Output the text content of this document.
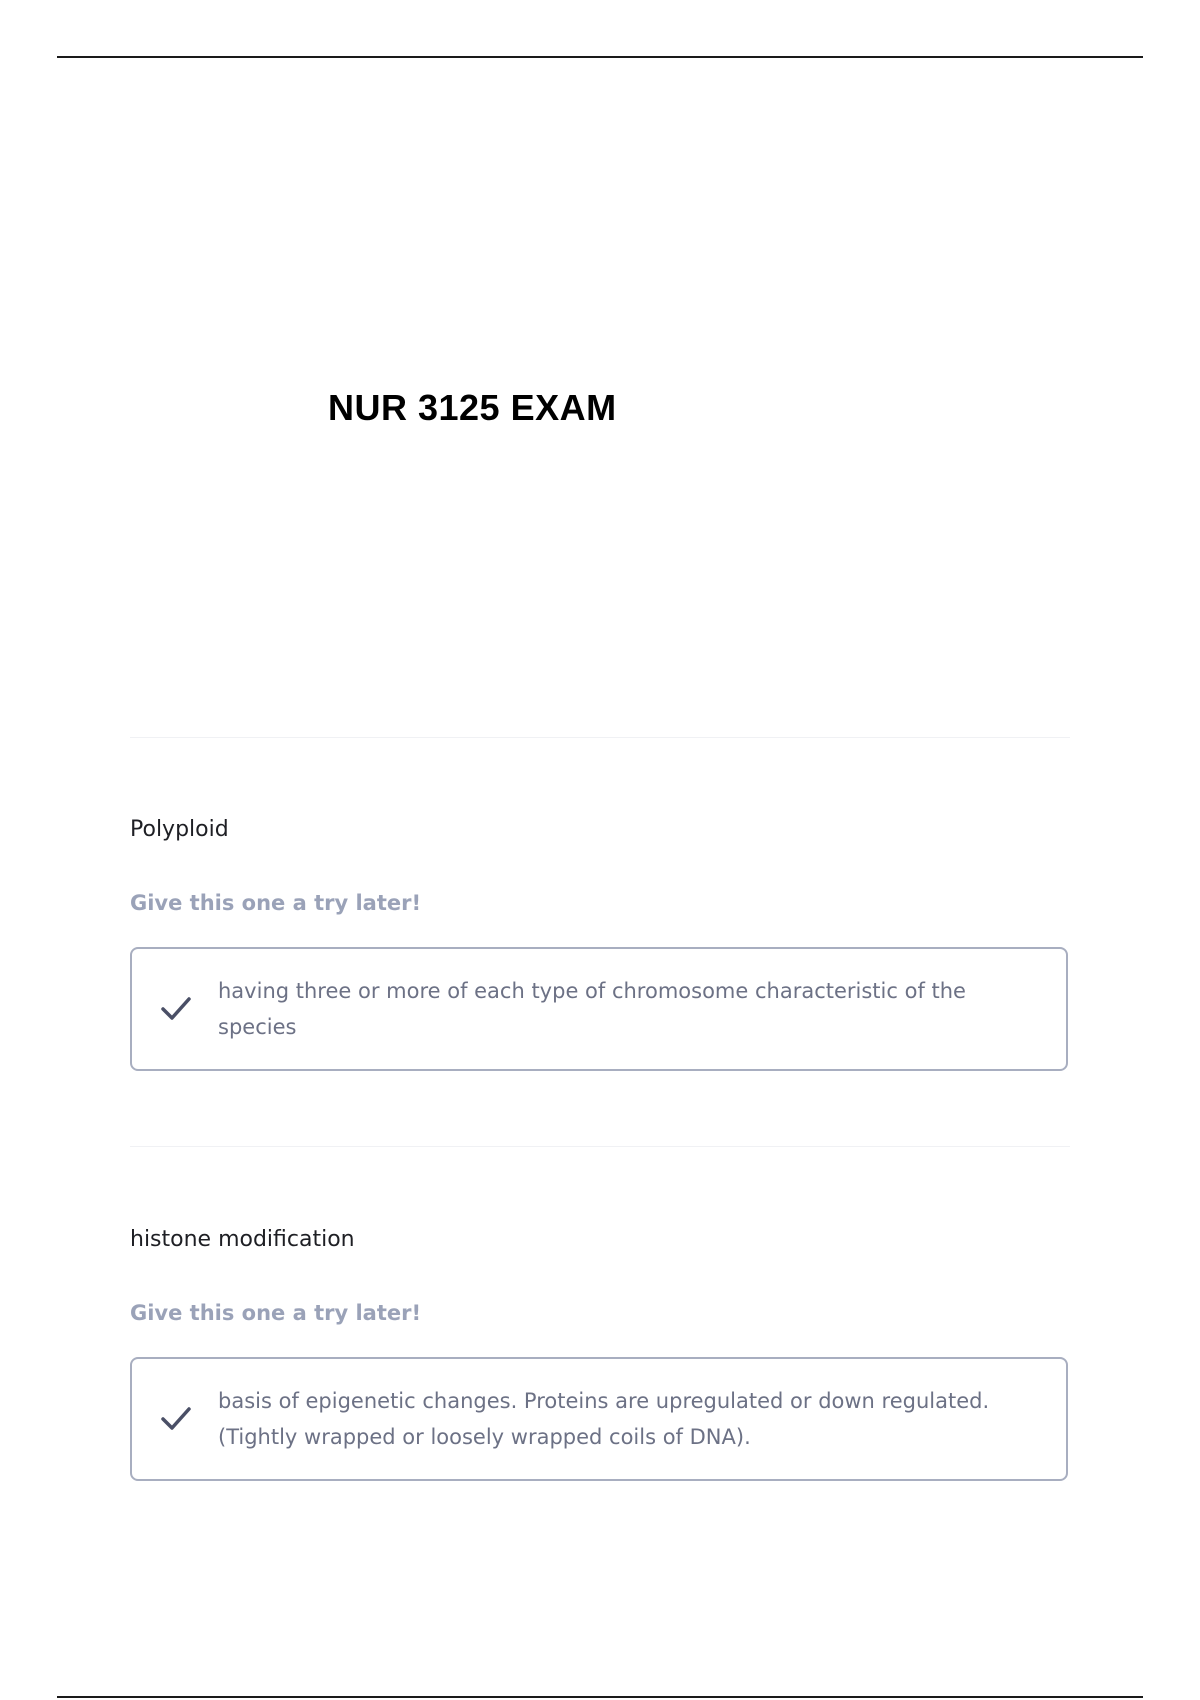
NUR 3125 EXAM

Polyploid

Give this one a try later!

having three or more of each type of chromosome characteristic of the species

histone modification

Give this one a try later!

basis of epigenetic changes. Proteins are upregulated or down regulated. (Tightly wrapped or loosely wrapped coils of DNA).
